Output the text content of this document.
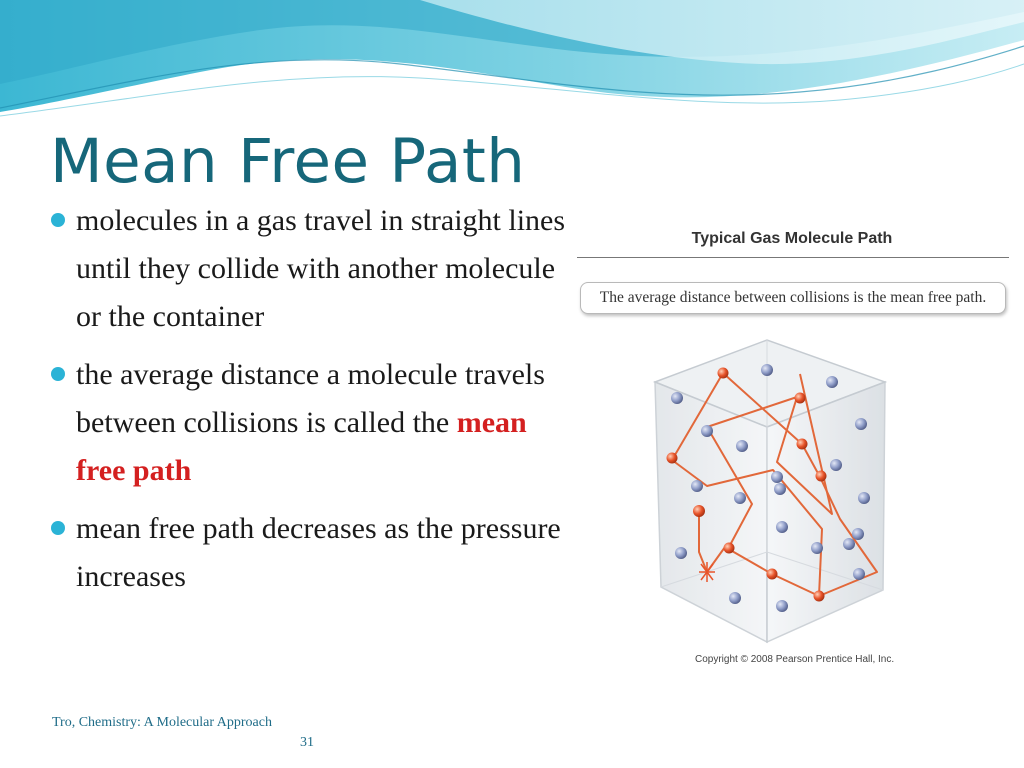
Mean Free Path
molecules in a gas travel in straight lines until they collide with another molecule or the container
the average distance a molecule travels between collisions is called the mean free path
mean free path decreases as the pressure increases
Typical Gas Molecule Path
The average distance between collisions is the mean free path.
Copyright © 2008 Pearson Prentice Hall, Inc.
Tro, Chemistry: A Molecular Approach
31
